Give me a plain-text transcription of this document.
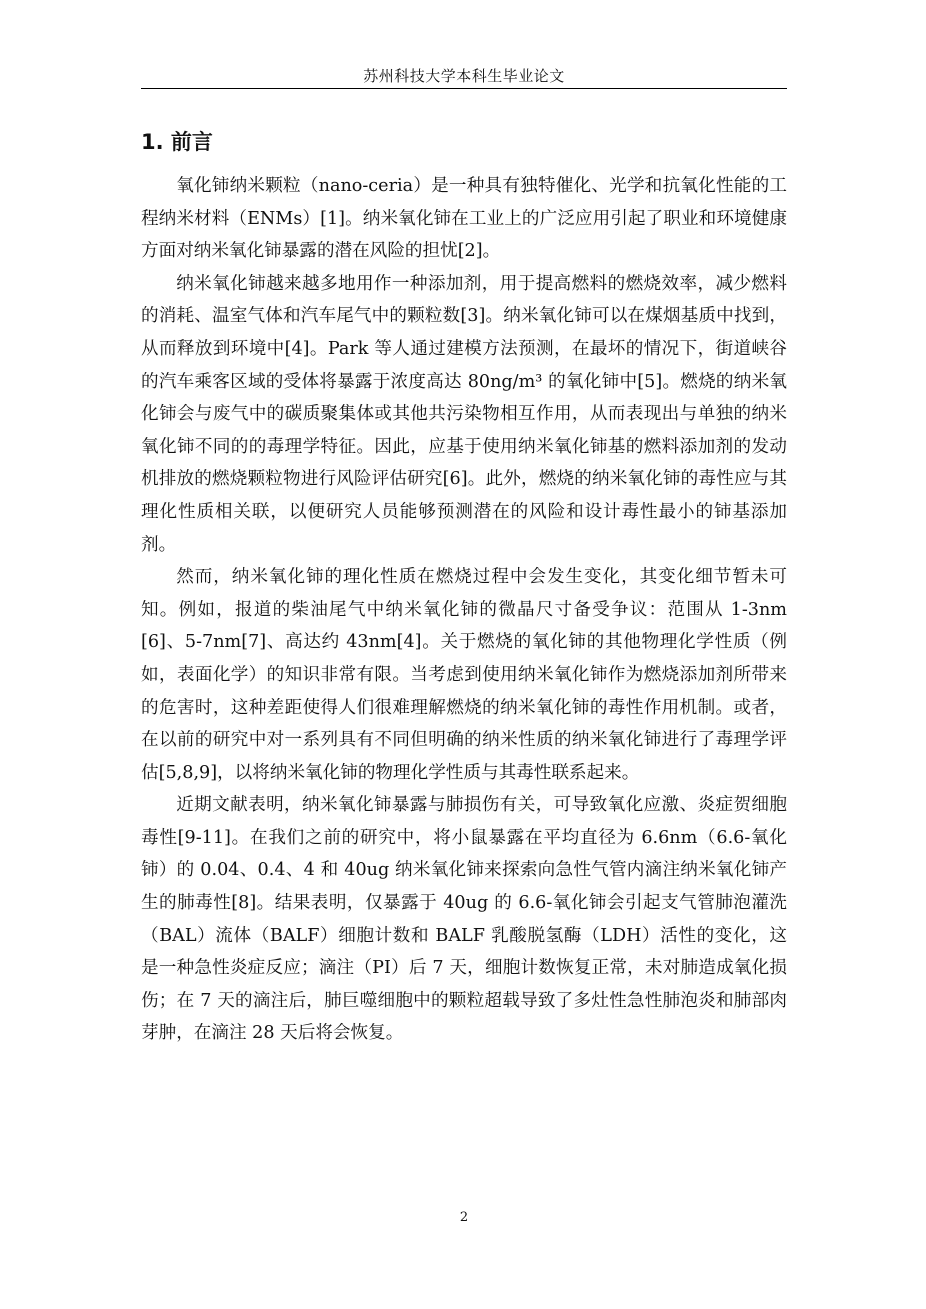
苏州科技大学本科生毕业论文
1. 前言

氧化铈纳米颗粒（nano-ceria）是一种具有独特催化、光学和抗氧化性能的工程纳米材料（ENMs）[1]。纳米氧化铈在工业上的广泛应用引起了职业和环境健康方面对纳米氧化铈暴露的潜在风险的担忧[2]。

纳米氧化铈越来越多地用作一种添加剂，用于提高燃料的燃烧效率，减少燃料的消耗、温室气体和汽车尾气中的颗粒数[3]。纳米氧化铈可以在煤烟基质中找到，从而释放到环境中[4]。Park 等人通过建模方法预测，在最坏的情况下，街道峡谷的汽车乘客区域的受体将暴露于浓度高达 80ng/m³ 的氧化铈中[5]。燃烧的纳米氧化铈会与废气中的碳质聚集体或其他共污染物相互作用，从而表现出与单独的纳米氧化铈不同的的毒理学特征。因此，应基于使用纳米氧化铈基的燃料添加剂的发动机排放的燃烧颗粒物进行风险评估研究[6]。此外，燃烧的纳米氧化铈的毒性应与其理化性质相关联，以便研究人员能够预测潜在的风险和设计毒性最小的铈基添加剂。

然而，纳米氧化铈的理化性质在燃烧过程中会发生变化，其变化细节暂未可知。例如，报道的柴油尾气中纳米氧化铈的微晶尺寸备受争议：范围从 1-3nm[6]、5-7nm[7]、高达约 43nm[4]。关于燃烧的氧化铈的其他物理化学性质（例如，表面化学）的知识非常有限。当考虑到使用纳米氧化铈作为燃烧添加剂所带来的危害时，这种差距使得人们很难理解燃烧的纳米氧化铈的毒性作用机制。或者，在以前的研究中对一系列具有不同但明确的纳米性质的纳米氧化铈进行了毒理学评估[5,8,9]，以将纳米氧化铈的物理化学性质与其毒性联系起来。

近期文献表明，纳米氧化铈暴露与肺损伤有关，可导致氧化应激、炎症贺细胞毒性[9-11]。在我们之前的研究中，将小鼠暴露在平均直径为 6.6nm（6.6-氧化铈）的 0.04、0.4、4 和 40ug 纳米氧化铈来探索向急性气管内滴注纳米氧化铈产生的肺毒性[8]。结果表明，仅暴露于 40ug 的 6.6-氧化铈会引起支气管肺泡灌洗（BAL）流体（BALF）细胞计数和 BALF 乳酸脱氢酶（LDH）活性的变化，这是一种急性炎症反应；滴注（PI）后 7 天，细胞计数恢复正常，未对肺造成氧化损伤；在 7 天的滴注后，肺巨噬细胞中的颗粒超载导致了多灶性急性肺泡炎和肺部肉芽肿，在滴注 28 天后将会恢复。

2
